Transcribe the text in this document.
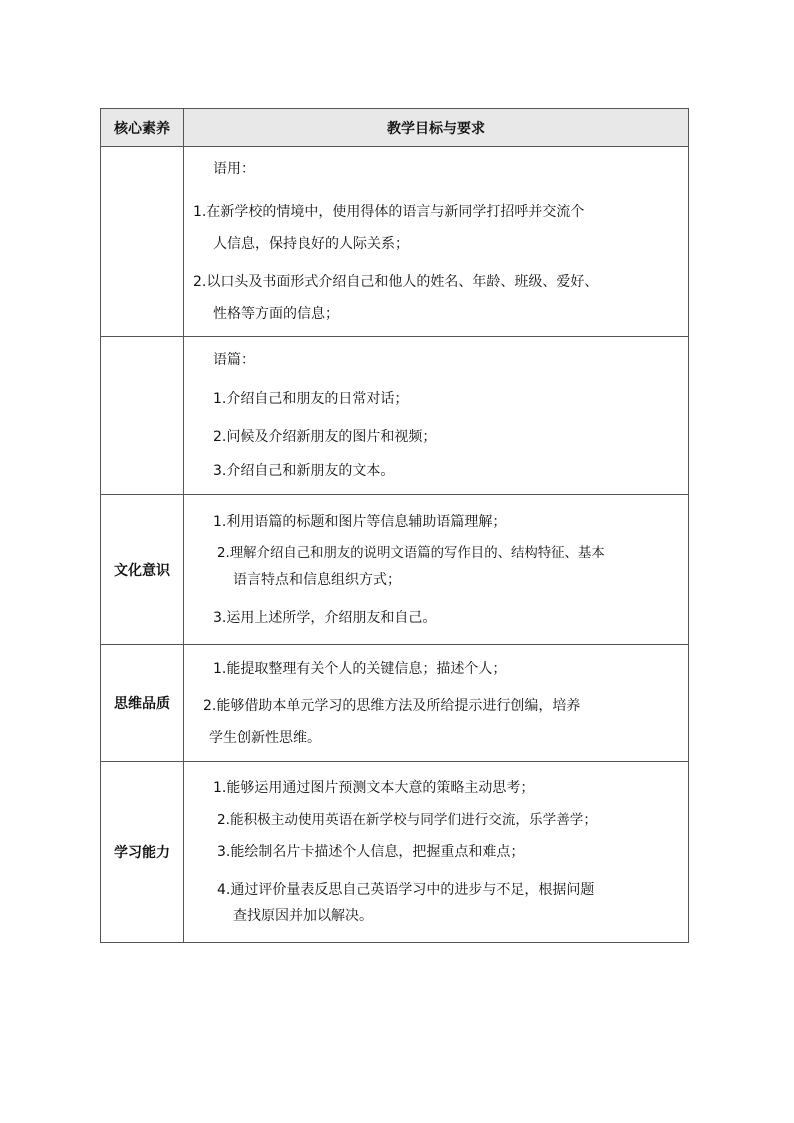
核心素养	教学目标与要求

	语用：
1.在新学校的情境中，使用得体的语言与新同学打招呼并交流个
人信息，保持良好的人际关系；
2.以口头及书面形式介绍自己和他人的姓名、年龄、班级、爱好、
性格等方面的信息；

	语篇：
1.介绍自己和朋友的日常对话；
2.问候及介绍新朋友的图片和视频；
3.介绍自己和新朋友的文本。

文化意识	1.利用语篇的标题和图片等信息辅助语篇理解；
2.理解介绍自己和朋友的说明文语篇的写作目的、结构特征、基本
语言特点和信息组织方式；
3.运用上述所学，介绍朋友和自己。

思维品质	1.能提取整理有关个人的关键信息；描述个人；
2.能够借助本单元学习的思维方法及所给提示进行创编，培养
学生创新性思维。

学习能力	1.能够运用通过图片预测文本大意的策略主动思考；
2.能积极主动使用英语在新学校与同学们进行交流，乐学善学；
3.能绘制名片卡描述个人信息，把握重点和难点；
4.通过评价量表反思自己英语学习中的进步与不足，根据问题
查找原因并加以解决。
